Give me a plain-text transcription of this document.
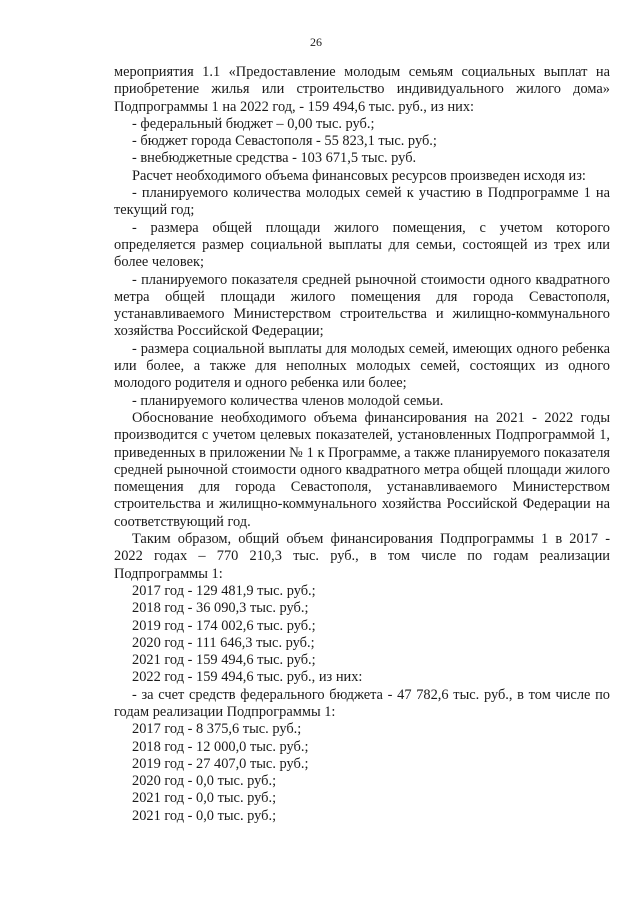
26

мероприятия 1.1 «Предоставление молодым семьям социальных выплат на приобретение жилья или строительство индивидуального жилого дома» Подпрограммы 1 на 2022 год, - 159 494,6 тыс. руб., из них:

- федеральный бюджет – 0,00 тыс. руб.;

- бюджет города Севастополя - 55 823,1 тыс. руб.;

- внебюджетные средства - 103 671,5 тыс. руб.

Расчет необходимого объема финансовых ресурсов произведен исходя из:

- планируемого количества молодых семей к участию в Подпрограмме 1 на текущий год;

- размера общей площади жилого помещения, с учетом которого определяется размер социальной выплаты для семьи, состоящей из трех или более человек;

- планируемого показателя средней рыночной стоимости одного квадратного метра общей площади жилого помещения для города Севастополя, устанавливаемого Министерством строительства и жилищно-коммунального хозяйства Российской Федерации;

- размера социальной выплаты для молодых семей, имеющих одного ребенка или более, а также для неполных молодых семей, состоящих из одного молодого родителя и одного ребенка или более;

- планируемого количества членов молодой семьи.

Обоснование необходимого объема финансирования на 2021 - 2022 годы производится с учетом целевых показателей, установленных Подпрограммой 1, приведенных в приложении № 1 к Программе, а также планируемого показателя средней рыночной стоимости одного квадратного метра общей площади жилого помещения для города Севастополя, устанавливаемого Министерством строительства и жилищно-коммунального хозяйства Российской Федерации на соответствующий год.

Таким образом, общий объем финансирования Подпрограммы 1 в 2017 - 2022 годах – 770 210,3 тыс. руб., в том числе по годам реализации Подпрограммы 1:

2017 год - 129 481,9 тыс. руб.;

2018 год - 36 090,3 тыс. руб.;

2019 год - 174 002,6 тыс. руб.;

2020 год - 111 646,3 тыс. руб.;

2021 год - 159 494,6 тыс. руб.;

2022 год - 159 494,6 тыс. руб., из них:

- за счет средств федерального бюджета - 47 782,6 тыс. руб., в том числе по годам реализации Подпрограммы 1:

2017 год - 8 375,6 тыс. руб.;

2018 год - 12 000,0 тыс. руб.;

2019 год - 27 407,0 тыс. руб.;

2020 год - 0,0 тыс. руб.;

2021 год - 0,0 тыс. руб.;

2021 год - 0,0 тыс. руб.;
